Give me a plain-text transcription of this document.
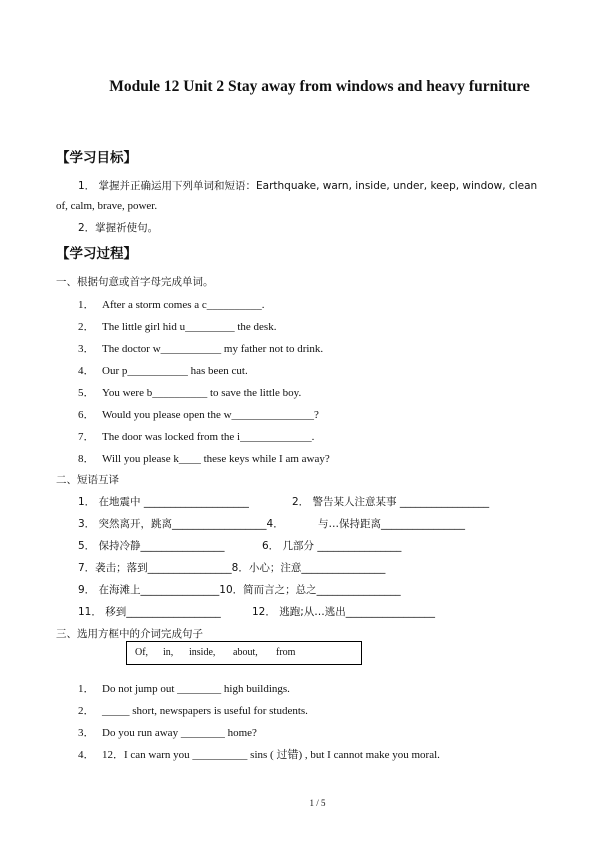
Module 12 Unit 2 Stay away from windows and heavy furniture
【学习目标】
1． 掌握并正确运用下列单词和短语：Earthquake, warn, inside, under, keep, window, clean
of, calm, brave, power.
2．掌握祈使句。
【学习过程】
一、根据句意或首字母完成单词。
1． After a storm comes a c__________.
2． The little girl hid u_________ the desk.
3． The doctor w___________ my father not to drink.
4． Our p___________ has been cut.
5． You were b__________ to save the little boy.
6． Would you please open the w_______________?
7． The door was locked from the i_____________.
8． Will you please k____ these keys while I am away?
二、短语互译
1． 在地震中 ____________________	2． 警告某人注意某事 _________________
3． 突然离开，跳离__________________4．	与…保持距离________________
5． 保持冷静________________	6． 几部分 ________________
7．袭击；落到________________8．小心；注意________________
9． 在海滩上_______________10．简而言之；总之________________
11． 移到__________________	12． 逃跑;从…逃出_________________
三、选用方框中的介词完成句子
Of, in, inside, about, from
1． Do not jump out ________ high buildings.
2． _____ short, newspapers is useful for students.
3． Do you run away ________ home?
4． 12．I can warn you __________ sins ( 过错) , but I cannot make you moral.
1 / 5
